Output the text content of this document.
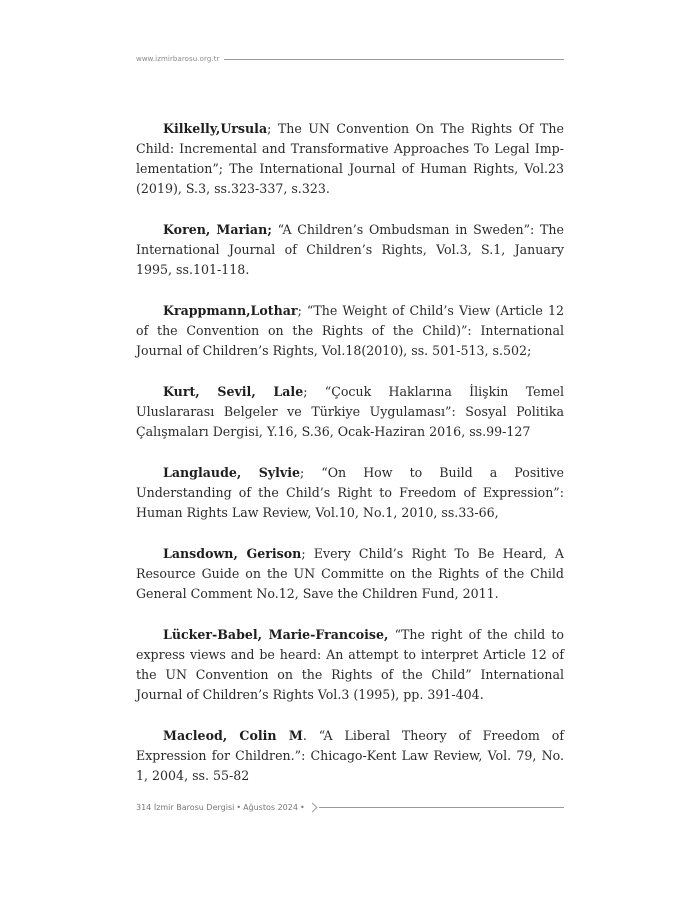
www.izmirbarosu.org.tr

Kilkelly,Ursula; The UN Convention On The Rights Of The Child: Incremental and Transformative Approaches To Legal Implementation”; The International Journal of Human Rights, Vol.23 (2019), S.3, ss.323-337, s.323.

Koren, Marian; “A Children’s Ombudsman in Sweden”: The International Journal of Children’s Rights, Vol.3, S.1, January 1995, ss.101-118.

Krappmann,Lothar; “The Weight of Child’s View (Article 12 of the Convention on the Rights of the Child)”: International Journal of Children’s Rights, Vol.18(2010), ss. 501-513, s.502;

Kurt, Sevil, Lale; “Çocuk Haklarına İlişkin Temel Uluslararası Belgeler ve Türkiye Uygulaması”: Sosyal Politika Çalışmaları Dergisi, Y.16, S.36, Ocak-Haziran 2016, ss.99-127

Langlaude, Sylvie; “On How to Build a Positive Understanding of the Child’s Right to Freedom of Expression”: Human Rights Law Review, Vol.10, No.1, 2010, ss.33-66,

Lansdown, Gerison; Every Child’s Right To Be Heard, A Resource Guide on the UN Committe on the Rights of the Child General Comment No.12, Save the Children Fund, 2011.

Lücker-Babel, Marie-Francoise, “The right of the child to express views and be heard: An attempt to interpret Article 12 of the UN Convention on the Rights of the Child” International Journal of Children’s Rights Vol.3 (1995), pp. 391-404.

Macleod, Colin M. “A Liberal Theory of Freedom of Expression for Children.”: Chicago-Kent Law Review, Vol. 79, No. 1, 2004, ss. 55-82

314 İzmir Barosu Dergisi • Ağustos 2024 •
